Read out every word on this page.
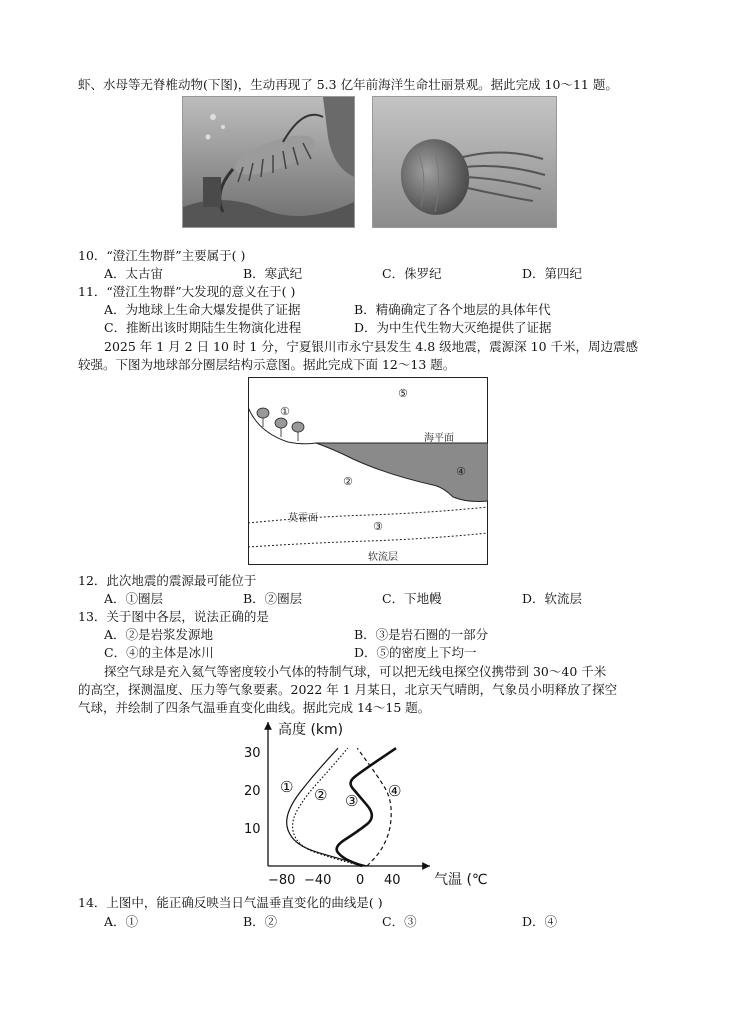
虾、水母等无脊椎动物(下图)，生动再现了 5.3 亿年前海洋生命壮丽景观。据此完成 10～11 题。
10．“澄江生物群”主要属于( )
A．太古宙	B．寒武纪	C．侏罗纪	D．第四纪
11．“澄江生物群”大发现的意义在于( )
A．为地球上生命大爆发提供了证据	B．精确确定了各个地层的具体年代
C．推断出该时期陆生生物演化进程	D．为中生代生物大灭绝提供了证据
2025 年 1 月 2 日 10 时 1 分，宁夏银川市永宁县发生 4.8 级地震，震源深 10 千米，周边震感
较强。下图为地球部分圈层结构示意图。据此完成下面 12～13 题。
①
⑤
海平面
④
②
莫霍面
③
软流层
12．此次地震的震源最可能位于
A．①圈层	B．②圈层	C．下地幔	D．软流层
13．关于图中各层，说法正确的是
A．②是岩浆发源地	B．③是岩石圈的一部分
C．④的主体是冰川	D．⑤的密度上下均一
探空气球是充入氦气等密度较小气体的特制气球，可以把无线电探空仪携带到 30～40 千米
的高空，探测温度、压力等气象要素。2022 年 1 月某日，北京天气晴朗，气象员小明释放了探空
气球，并绘制了四条气温垂直变化曲线。据此完成 14～15 题。
高度 (km)
气温 (℃)
30
20
10
−80 −40 0 40
① ② ③
④
14．上图中，能正确反映当日气温垂直变化的曲线是( )
A．①	B．②	C．③	D．④
